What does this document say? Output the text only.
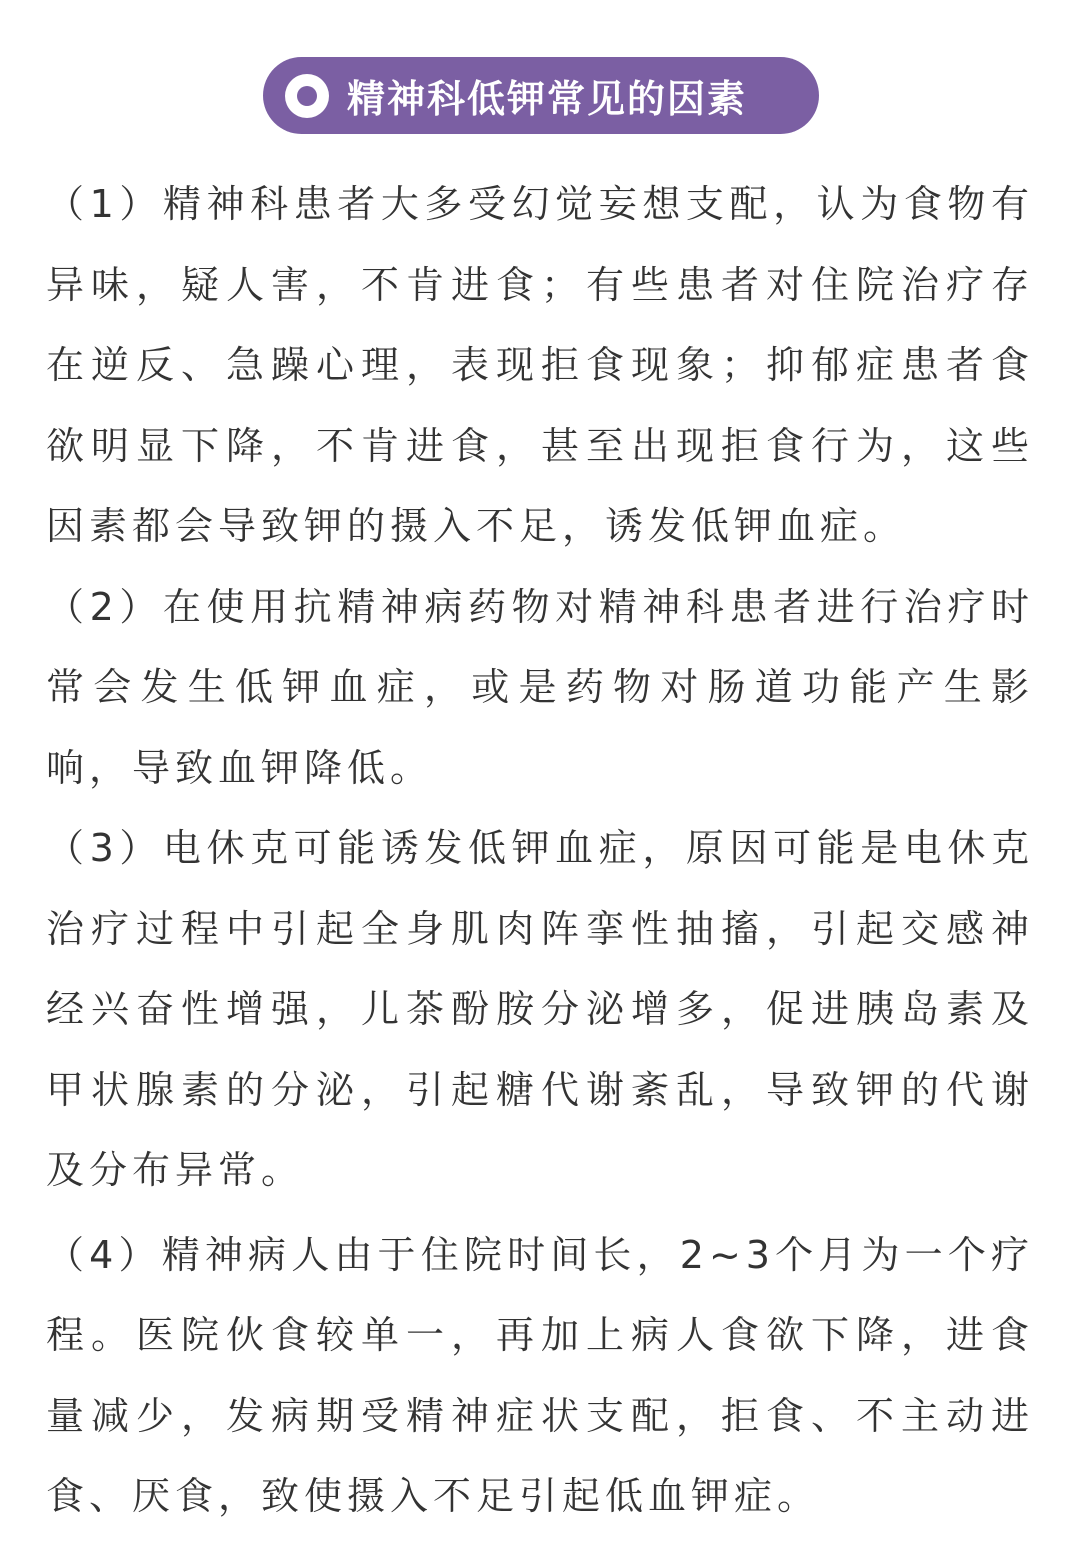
精神科低钾常见的因素

（1）精神科患者大多受幻觉妄想支配，认为食物有异味，疑人害，不肯进食；有些患者对住院治疗存在逆反、急躁心理，表现拒食现象；抑郁症患者食欲明显下降，不肯进食，甚至出现拒食行为，这些因素都会导致钾的摄入不足，诱发低钾血症。

（2）在使用抗精神病药物对精神科患者进行治疗时常会发生低钾血症，或是药物对肠道功能产生影响，导致血钾降低。

（3）电休克可能诱发低钾血症，原因可能是电休克治疗过程中引起全身肌肉阵挛性抽搐，引起交感神经兴奋性增强，儿茶酚胺分泌增多，促进胰岛素及甲状腺素的分泌，引起糖代谢紊乱，导致钾的代谢及分布异常。

（4）精神病人由于住院时间长，2~3个月为一个疗程。医院伙食较单一，再加上病人食欲下降，进食量减少，发病期受精神症状支配，拒食、不主动进食、厌食，致使摄入不足引起低血钾症。
